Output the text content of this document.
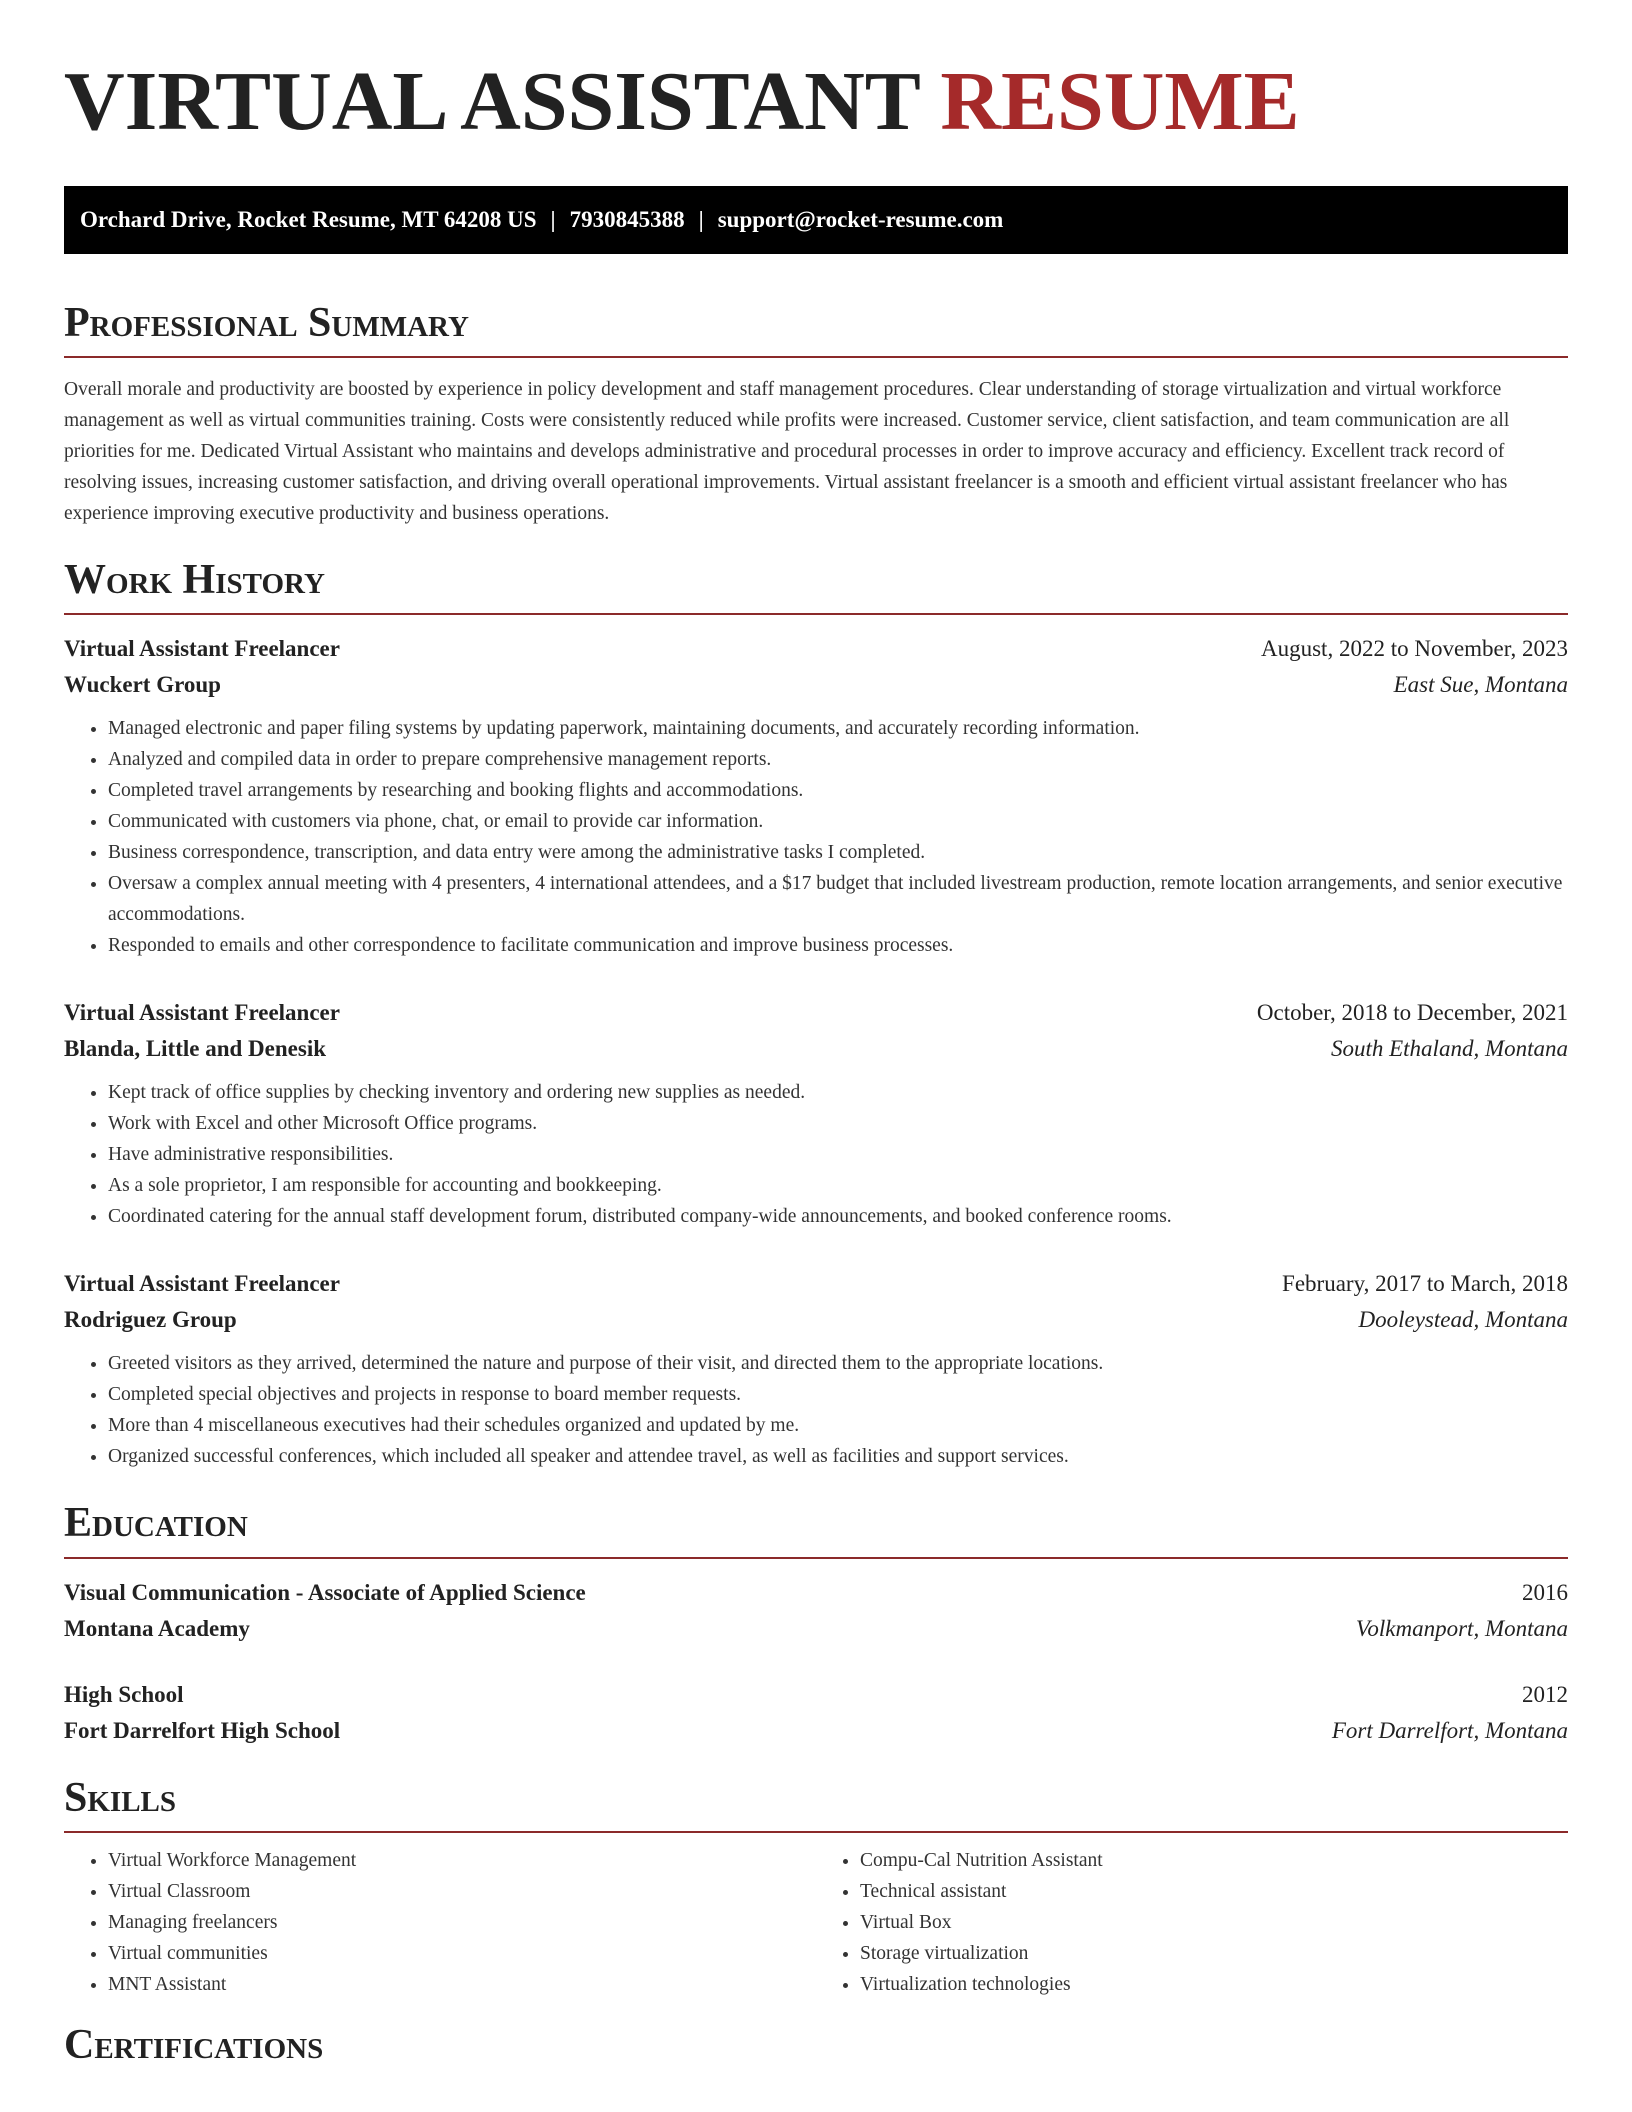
VIRTUAL ASSISTANT RESUME
Orchard Drive, Rocket Resume, MT 64208 US | 7930845388 | support@rocket-resume.com
Professional Summary

Overall morale and productivity are boosted by experience in policy development and staff management procedures. Clear understanding of storage virtualization and virtual workforce management as well as virtual communities training. Costs were consistently reduced while profits were increased. Customer service, client satisfaction, and team communication are all priorities for me. Dedicated Virtual Assistant who maintains and develops administrative and procedural processes in order to improve accuracy and efficiency. Excellent track record of resolving issues, increasing customer satisfaction, and driving overall operational improvements. Virtual assistant freelancer is a smooth and efficient virtual assistant freelancer who has experience improving executive productivity and business operations.

Work History
Virtual Assistant Freelancer	August, 2022 to November, 2023
Wuckert Group	East Sue, Montana
• Managed electronic and paper filing systems by updating paperwork, maintaining documents, and accurately recording information.
• Analyzed and compiled data in order to prepare comprehensive management reports.
• Completed travel arrangements by researching and booking flights and accommodations.
• Communicated with customers via phone, chat, or email to provide car information.
• Business correspondence, transcription, and data entry were among the administrative tasks I completed.
• Oversaw a complex annual meeting with 4 presenters, 4 international attendees, and a $17 budget that included livestream production, remote location arrangements, and senior executive accommodations.
• Responded to emails and other correspondence to facilitate communication and improve business processes.
Virtual Assistant Freelancer	October, 2018 to December, 2021
Blanda, Little and Denesik	South Ethaland, Montana
• Kept track of office supplies by checking inventory and ordering new supplies as needed.
• Work with Excel and other Microsoft Office programs.
• Have administrative responsibilities.
• As a sole proprietor, I am responsible for accounting and bookkeeping.
• Coordinated catering for the annual staff development forum, distributed company-wide announcements, and booked conference rooms.
Virtual Assistant Freelancer	February, 2017 to March, 2018
Rodriguez Group	Dooleystead, Montana
• Greeted visitors as they arrived, determined the nature and purpose of their visit, and directed them to the appropriate locations.
• Completed special objectives and projects in response to board member requests.
• More than 4 miscellaneous executives had their schedules organized and updated by me.
• Organized successful conferences, which included all speaker and attendee travel, as well as facilities and support services.
Education
Visual Communication - Associate of Applied Science	2016
Montana Academy	Volkmanport, Montana
High School	2012
Fort Darrelfort High School	Fort Darrelfort, Montana
Skills
• Virtual Workforce Management
• Virtual Classroom
• Managing freelancers
• Virtual communities
• MNT Assistant
• Compu-Cal Nutrition Assistant
• Technical assistant
• Virtual Box
• Storage virtualization
• Virtualization technologies
Certifications
